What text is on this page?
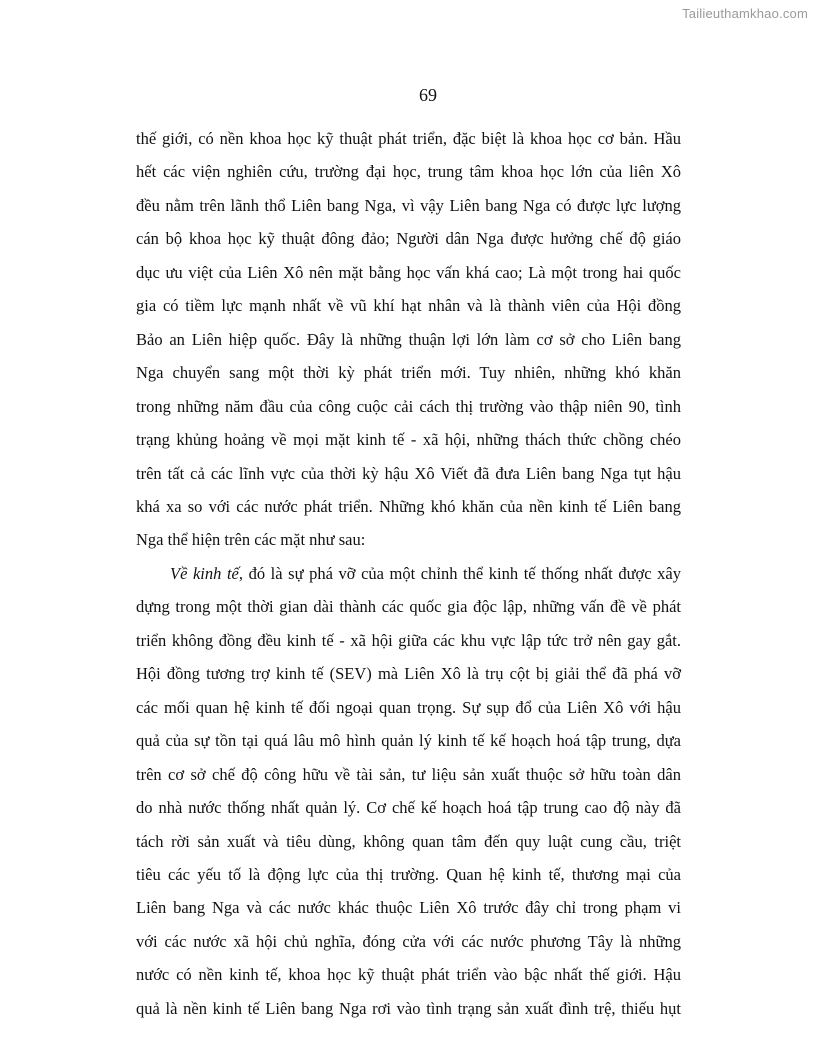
Tailieuthamkhao.com
69
thế giới, có nền khoa học kỹ thuật phát triển, đặc biệt là khoa học cơ bản. Hầu
hết các viện nghiên cứu, trường đại học, trung tâm khoa học lớn của liên Xô
đều nằm trên lãnh thổ Liên bang Nga, vì vậy Liên bang Nga có được lực lượng
cán bộ khoa học kỹ thuật đông đảo; Người dân Nga được hưởng chế độ giáo
dục ưu việt của Liên Xô nên mặt bằng học vấn khá cao; Là một trong hai quốc
gia có tiềm lực mạnh nhất về vũ khí hạt nhân và là thành viên của Hội đồng
Bảo an Liên hiệp quốc. Đây là những thuận lợi lớn làm cơ sở cho Liên bang
Nga chuyển sang một thời kỳ phát triển mới. Tuy nhiên, những khó khăn
trong những năm đầu của công cuộc cải cách thị trường vào thập niên 90, tình
trạng khủng hoảng về mọi mặt kinh tế - xã hội, những thách thức chồng chéo
trên tất cả các lĩnh vực của thời kỳ hậu Xô Viết đã đưa Liên bang Nga tụt hậu
khá xa so với các nước phát triển. Những khó khăn của nền kinh tế Liên bang
Nga thể hiện trên các mặt như sau:
Về kinh tế, đó là sự phá vỡ của một chỉnh thể kinh tế thống nhất được xây
dựng trong một thời gian dài thành các quốc gia độc lập, những vấn đề về phát
triển không đồng đều kinh tế - xã hội giữa các khu vực lập tức trở nên gay gắt.
Hội đồng tương trợ kinh tế (SEV) mà Liên Xô là trụ cột bị giải thể đã phá vỡ
các mối quan hệ kinh tế đối ngoại quan trọng. Sự sụp đổ của Liên Xô với hậu
quả của sự tồn tại quá lâu mô hình quản lý kinh tế kế hoạch hoá tập trung, dựa
trên cơ sở chế độ công hữu về tài sản, tư liệu sản xuất thuộc sở hữu toàn dân
do nhà nước thống nhất quản lý. Cơ chế kế hoạch hoá tập trung cao độ này đã
tách rời sản xuất và tiêu dùng, không quan tâm đến quy luật cung cầu, triệt
tiêu các yếu tố là động lực của thị trường. Quan hệ kinh tế, thương mại của
Liên bang Nga và các nước khác thuộc Liên Xô trước đây chỉ trong phạm vi
với các nước xã hội chủ nghĩa, đóng cửa với các nước phương Tây là những
nước có nền kinh tế, khoa học kỹ thuật phát triển vào bậc nhất thế giới. Hậu
quả là nền kinh tế Liên bang Nga rơi vào tình trạng sản xuất đình trệ, thiếu hụt
